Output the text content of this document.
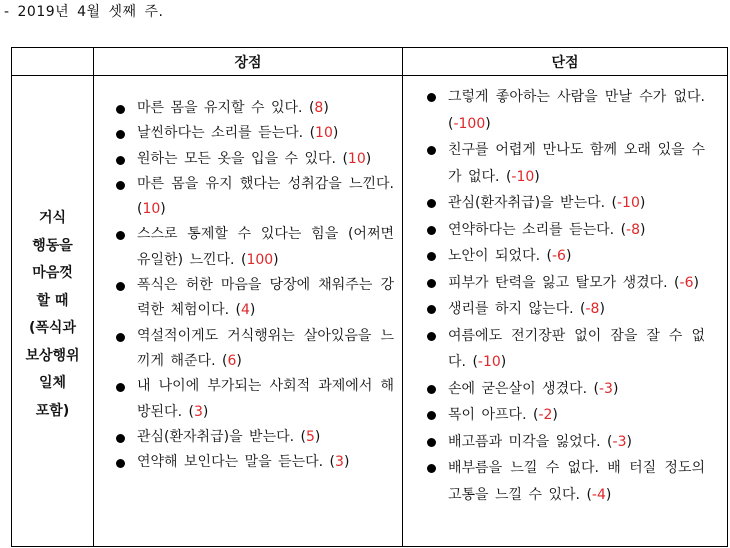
- 2019년 4월 셋째 주.
	장점	단점

거식
행동을
마음껏
할 때
(폭식과
보상행위
일체
포함)

마른 몸을 유지할 수 있다. (8)
날씬하다는 소리를 듣는다. (10)
원하는 모든 옷을 입을 수 있다. (10)
마른 몸을 유지 했다는 성취감을 느낀다.(10)
스스로 통제할 수 있다는 힘을 (어쩌면 유일한) 느낀다. (100)
폭식은 허한 마음을 당장에 채워주는 강력한 체험이다. (4)
역설적이게도 거식행위는 살아있음을 느끼게 해준다. (6)
내 나이에 부가되는 사회적 과제에서 해방된다. (3)
관심(환자취급)을 받는다. (5)
연약해 보인다는 말을 듣는다. (3)

그렇게 좋아하는 사람을 만날 수가 없다. (-100)
친구를 어렵게 만나도 함께 오래 있을 수가 없다. (-10)
관심(환자취급)을 받는다. (-10)
연약하다는 소리를 듣는다. (-8)
노안이 되었다. (-6)
피부가 탄력을 잃고 탈모가 생겼다. (-6)
생리를 하지 않는다. (-8)
여름에도 전기장판 없이 잠을 잘 수 없다. (-10)
손에 굳은살이 생겼다. (-3)
목이 아프다. (-2)
배고픔과 미각을 잃었다. (-3)
배부름을 느낄 수 없다. 배 터질 정도의 고통을 느낄 수 있다. (-4)
